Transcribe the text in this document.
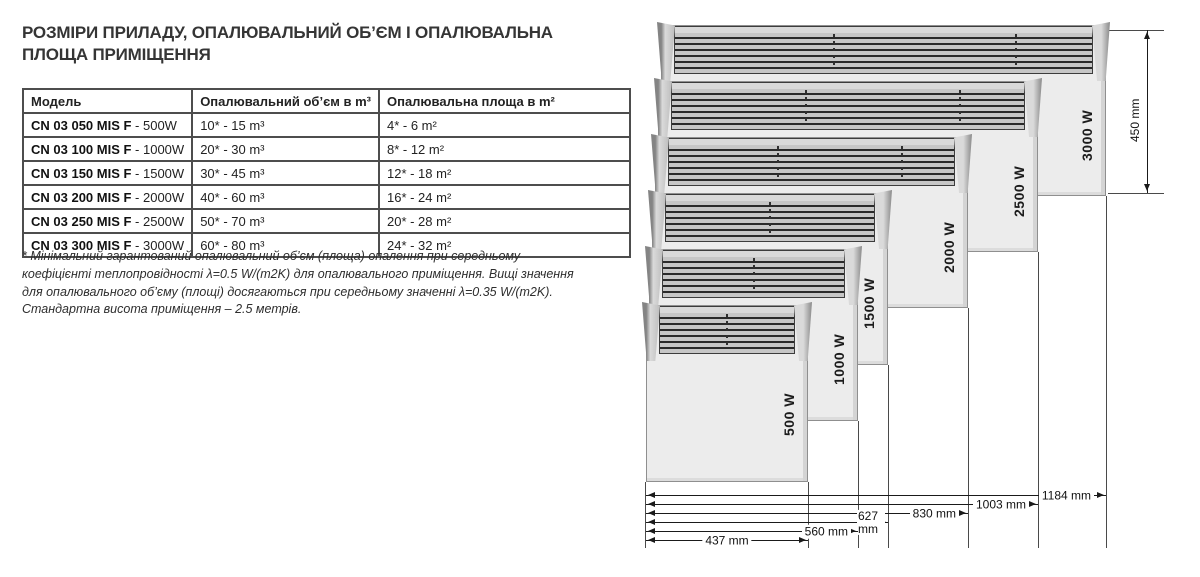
РОЗМІРИ ПРИЛАДУ, ОПАЛЮВАЛЬНИЙ ОБ’ЄМ І ОПАЛЮВАЛЬНА ПЛОЩА ПРИМІЩЕННЯ
Модель	Опалювальний об’єм в m³	Опалювальна площа в m²
CN 03 050 MIS F - 500W	10* - 15 m³	4* - 6 m²
CN 03 100 MIS F - 1000W	20* - 30 m³	8* - 12 m²
CN 03 150 MIS F - 1500W	30* - 45 m³	12* - 18 m²
CN 03 200 MIS F - 2000W	40* - 60 m³	16* - 24 m²
CN 03 250 MIS F - 2500W	50* - 70 m³	20* - 28 m²
CN 03 300 MIS F - 3000W	60* - 80 m³	24* - 32 m²

* Мінімальний гарантований опалювальний об’єм (площа) опалення при середньому коефіцієнті теплопровідності λ=0.5 W/(m2K) для опалювального приміщення. Вищі значення для опалювального об’єму (площі) досягаються при середньому значенні λ=0.35 W/(m2K). Стандартна висота приміщення – 2.5 метрів.

3000 W
2500 W
2000 W
1500 W
1000 W
500 W
1184 mm
1003 mm
830 mm
627 mm
560 mm
437 mm
450 mm
